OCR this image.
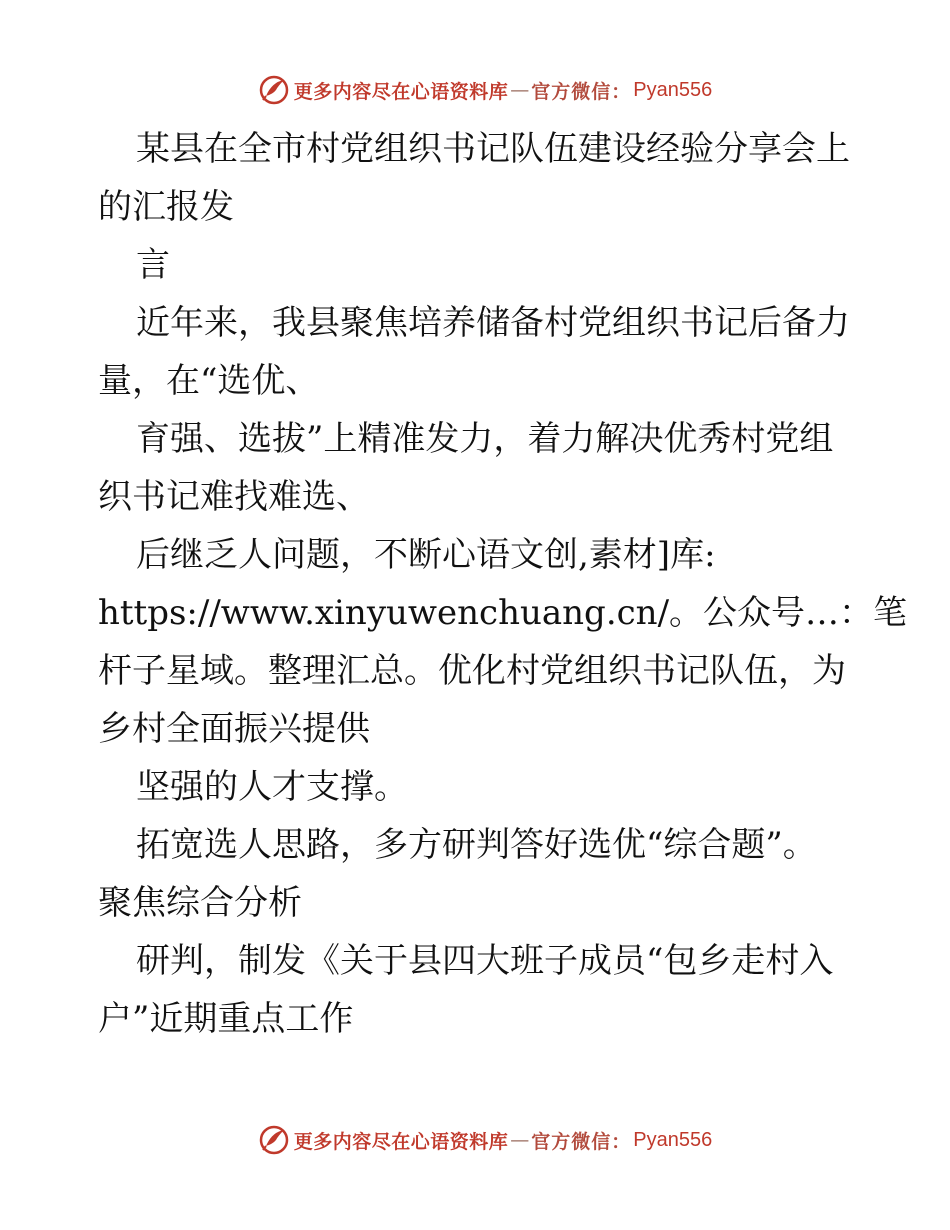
更多内容尽在心语资料库 — 官方微信： Pyan556
某县在全市村党组织书记队伍建设经验分享会上
的汇报发
言
近年来，我县聚焦培养储备村党组织书记后备力
量，在“选优、
育强、选拔”上精准发力，着力解决优秀村党组
织书记难找难选、
后继乏人问题，不断心语文创,素材]库:
https://www.xinyuwenchuang.cn/。公众号…：笔
杆子星域。整理汇总。优化村党组织书记队伍，为
乡村全面振兴提供
坚强的人才支撑。
拓宽选人思路，多方研判答好选优“综合题”。
聚焦综合分析
研判，制发《关于县四大班子成员“包乡走村入
户”近期重点工作
更多内容尽在心语资料库 — 官方微信： Pyan556
